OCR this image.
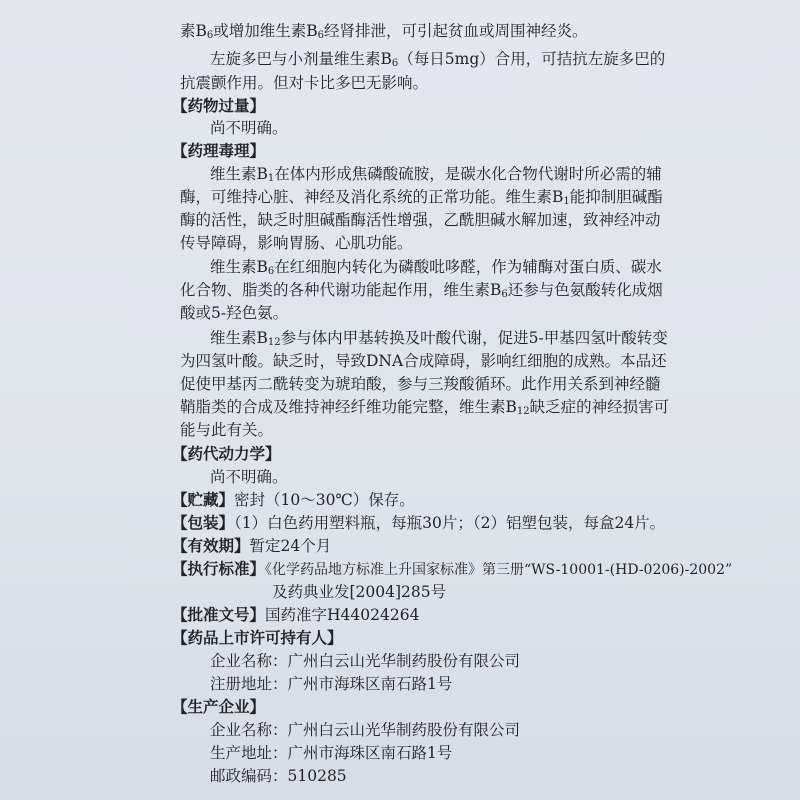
素$B_6$或增加维生素$B_6$经肾排泄，可引起贫血或周围神经炎。
左旋多巴与小剂量维生素$B_6$（每日5mg）合用，可拮抗左旋多巴的
抗震颤作用。但对卡比多巴无影响。
【药物过量】
尚不明确。
【药理毒理】
维生素$B_1$在体内形成焦磷酸硫胺，是碳水化合物代谢时所必需的辅
酶，可维持心脏、神经及消化系统的正常功能。维生素$B_1$能抑制胆碱酯
酶的活性，缺乏时胆碱酯酶活性增强，乙酰胆碱水解加速，致神经冲动
传导障碍，影响胃肠、心肌功能。
维生素$B_6$在红细胞内转化为磷酸吡哆醛，作为辅酶对蛋白质、碳水
化合物、脂类的各种代谢功能起作用，维生素$B_6$还参与色氨酸转化成烟
酸或5-羟色氨。
维生素$B_{12}$参与体内甲基转换及叶酸代谢，促进5-甲基四氢叶酸转变
为四氢叶酸。缺乏时，导致DNA合成障碍，影响红细胞的成熟。本品还
促使甲基丙二酰转变为琥珀酸，参与三羧酸循环。此作用关系到神经髓
鞘脂类的合成及维持神经纤维功能完整，维生素$B_{12}$缺乏症的神经损害可
能与此有关。
【药代动力学】
尚不明确。
【贮藏】密封（10～30℃）保存。
【包装】（1）白色药用塑料瓶，每瓶30片；（2）铝塑包装，每盒24片。
【有效期】暂定24个月
【执行标准】《化学药品地方标准上升国家标准》第三册“WS-10001-(HD-0206)-2002”
及药典业发[2004]285号
【批准文号】国药准字H44024264
【药品上市许可持有人】
企业名称：广州白云山光华制药股份有限公司
注册地址：广州市海珠区南石路1号
【生产企业】
企业名称：广州白云山光华制药股份有限公司
生产地址：广州市海珠区南石路1号
邮政编码：510285
